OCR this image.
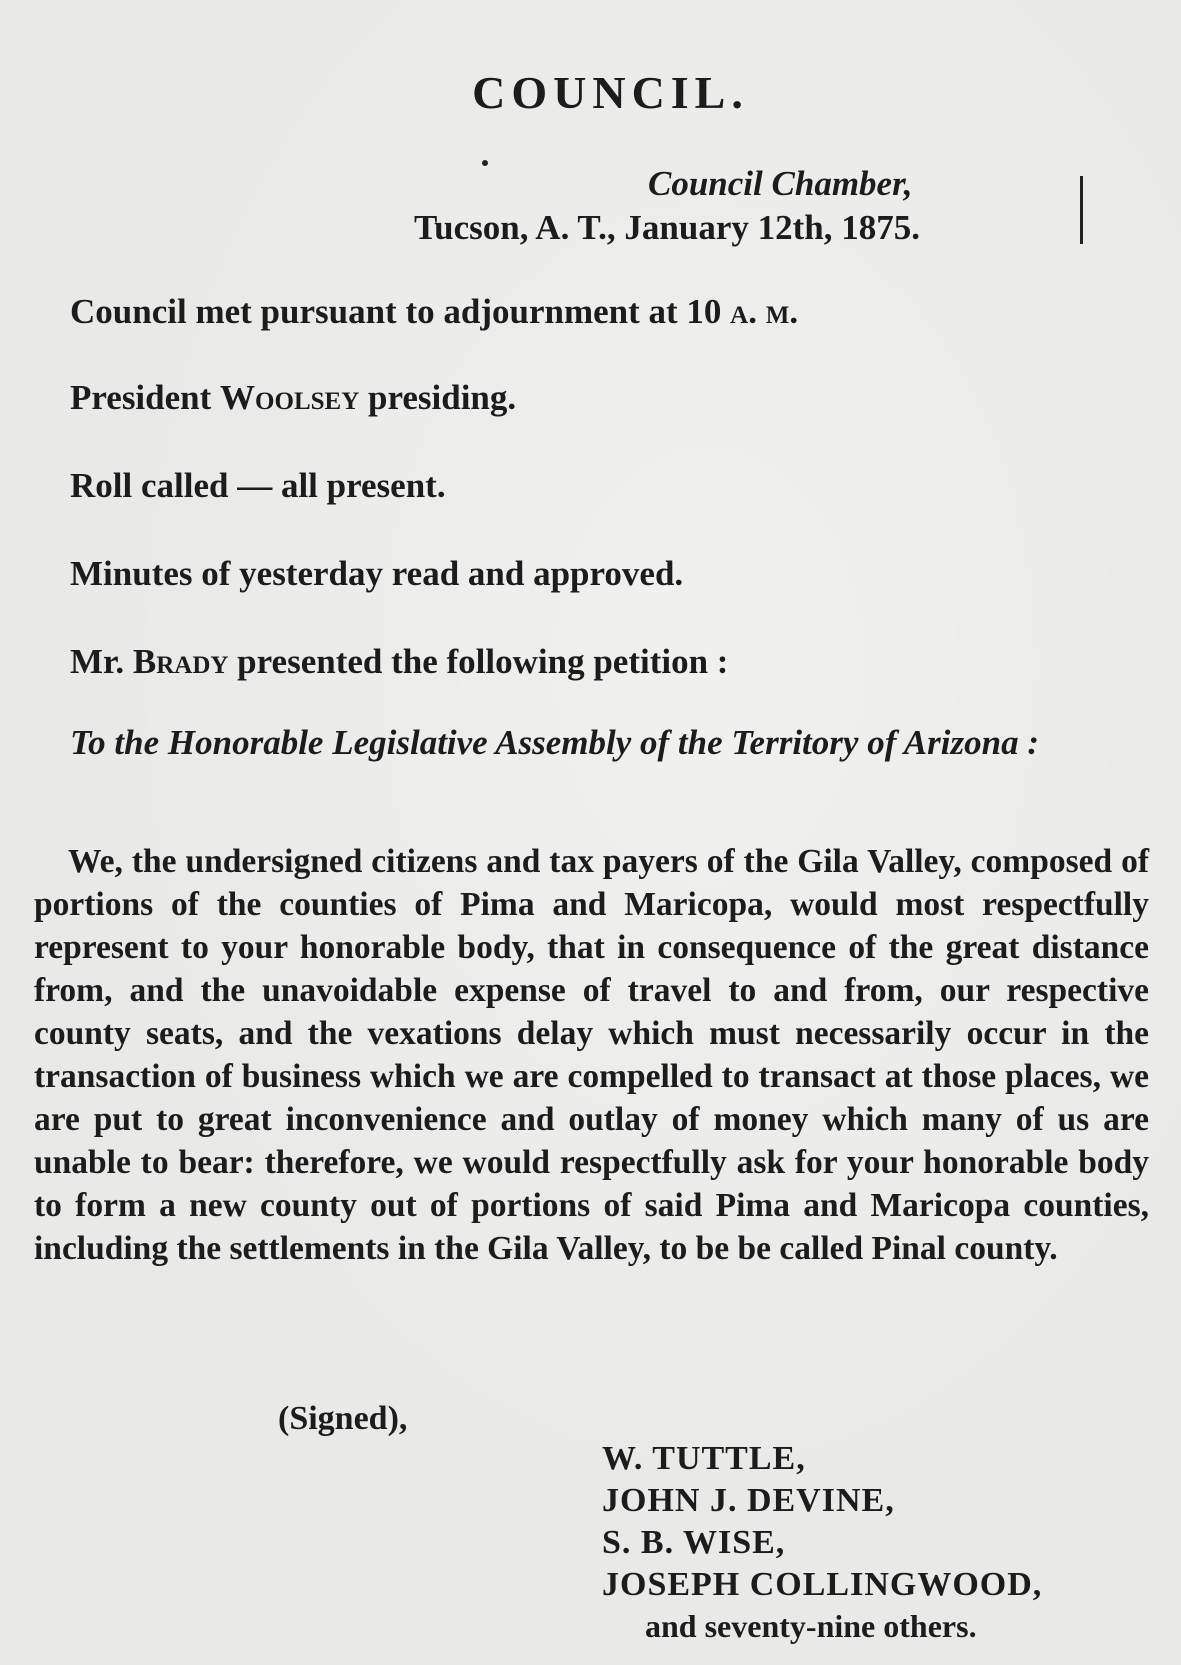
COUNCIL.
Council Chamber,
Tucson, A. T., January 12th, 1875.
Council met pursuant to adjournment at 10 a. m.
President Woolsey presiding.
Roll called — all present.
Minutes of yesterday read and approved.
Mr. Brady presented the following petition :
To the Honorable Legislative Assembly of the Territory of Arizona :
We, the undersigned citizens and tax payers of the Gila Valley, composed of portions of the counties of Pima and Maricopa, would most respectfully represent to your honorable body, that in consequence of the great distance from, and the unavoidable expense of travel to and from, our respective county seats, and the vexations delay which must necessarily occur in the transaction of business which we are compelled to transact at those places, we are put to great inconvenience and outlay of money which many of us are unable to bear: therefore, we would respectfully ask for your honorable body to form a new county out of portions of said Pima and Maricopa counties, including the settlements in the Gila Valley, to be be called Pinal county.
(Signed),
W. TUTTLE,
JOHN J. DEVINE,
S. B. WISE,
JOSEPH COLLINGWOOD,
and seventy-nine others.
